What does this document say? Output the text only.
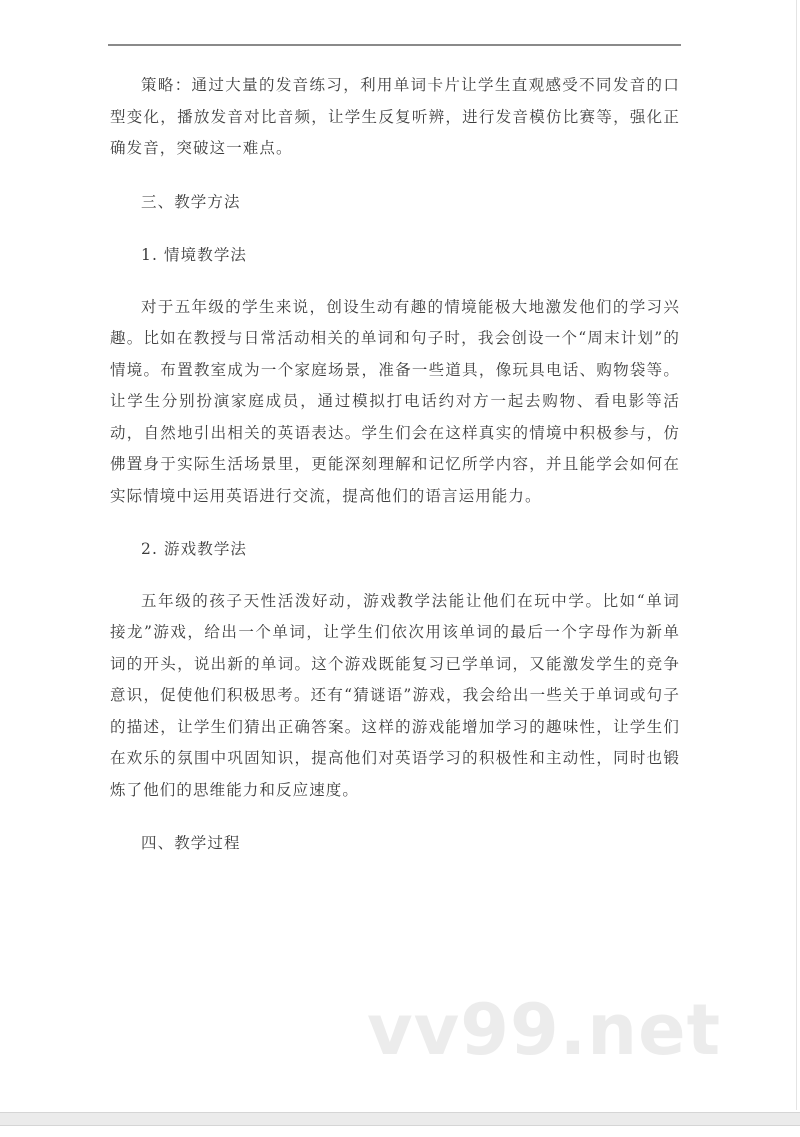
策略：通过大量的发音练习，利用单词卡片让学生直观感受不同发音的口型变化，播放发音对比音频，让学生反复听辨，进行发音模仿比赛等，强化正确发音，突破这一难点。

三、教学方法

1. 情境教学法

对于五年级的学生来说，创设生动有趣的情境能极大地激发他们的学习兴趣。比如在教授与日常活动相关的单词和句子时，我会创设一个“周末计划”的情境。布置教室成为一个家庭场景，准备一些道具，像玩具电话、购物袋等。让学生分别扮演家庭成员，通过模拟打电话约对方一起去购物、看电影等活动，自然地引出相关的英语表达。学生们会在这样真实的情境中积极参与，仿佛置身于实际生活场景里，更能深刻理解和记忆所学内容，并且能学会如何在实际情境中运用英语进行交流，提高他们的语言运用能力。

2. 游戏教学法

五年级的孩子天性活泼好动，游戏教学法能让他们在玩中学。比如“单词接龙”游戏，给出一个单词，让学生们依次用该单词的最后一个字母作为新单词的开头，说出新的单词。这个游戏既能复习已学单词，又能激发学生的竞争意识，促使他们积极思考。还有“猜谜语”游戏，我会给出一些关于单词或句子的描述，让学生们猜出正确答案。这样的游戏能增加学习的趣味性，让学生们在欢乐的氛围中巩固知识，提高他们对英语学习的积极性和主动性，同时也锻炼了他们的思维能力和反应速度。

四、教学过程

vv99.net
